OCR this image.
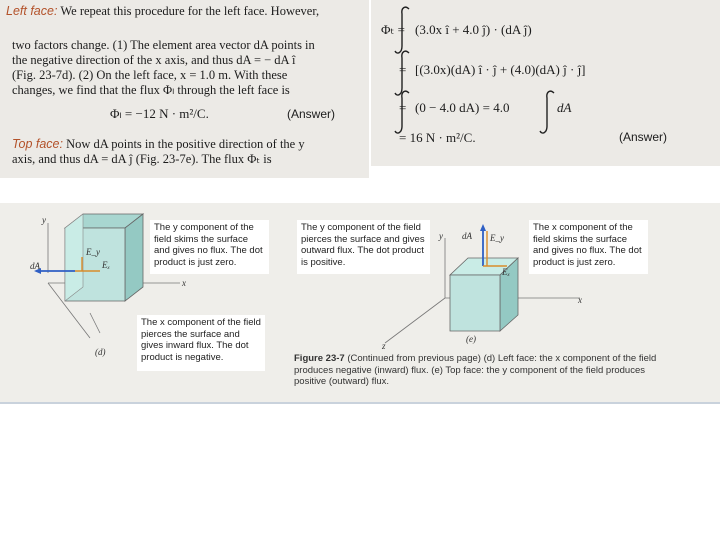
Left face: We repeat this procedure for the left face. However,
two factors change. (1) The element area vector dA points in
the negative direction of the x axis, and thus dA = − dA î
(Fig. 23-7d). (2) On the left face, x = 1.0 m. With these
changes, we find that the flux Φₗ through the left face is
Φₗ = −12 N · m²/C.	(Answer)
Top face: Now dA points in the positive direction of the y
axis, and thus dA = dA ĵ (Fig. 23-7e). The flux Φₜ is
Φₜ = (3.0x î + 4.0 ĵ) · (dA ĵ)
= [(3.0x)(dA) î · ĵ + (4.0)(dA) ĵ · ĵ]
= (0 − 4.0 dA) = 4.0	dA
= 16 N · m²/C.	(Answer)
y
x
dA
E_y
Eₓ
(d)
y
x
z
dA E_y
Eₓ
(e)
The y component of the field skims the surface and gives no flux. The dot product is just zero.
The x component of the field pierces the surface and gives inward flux. The dot product is negative.
The y component of the field pierces the surface and gives outward flux. The dot product is positive.
The x component of the field skims the surface and gives no flux. The dot product is just zero.
Figure 23-7 (Continued from previous page) (d) Left face: the x component of the field produces negative (inward) flux. (e) Top face: the y component of the field produces positive (outward) flux.
